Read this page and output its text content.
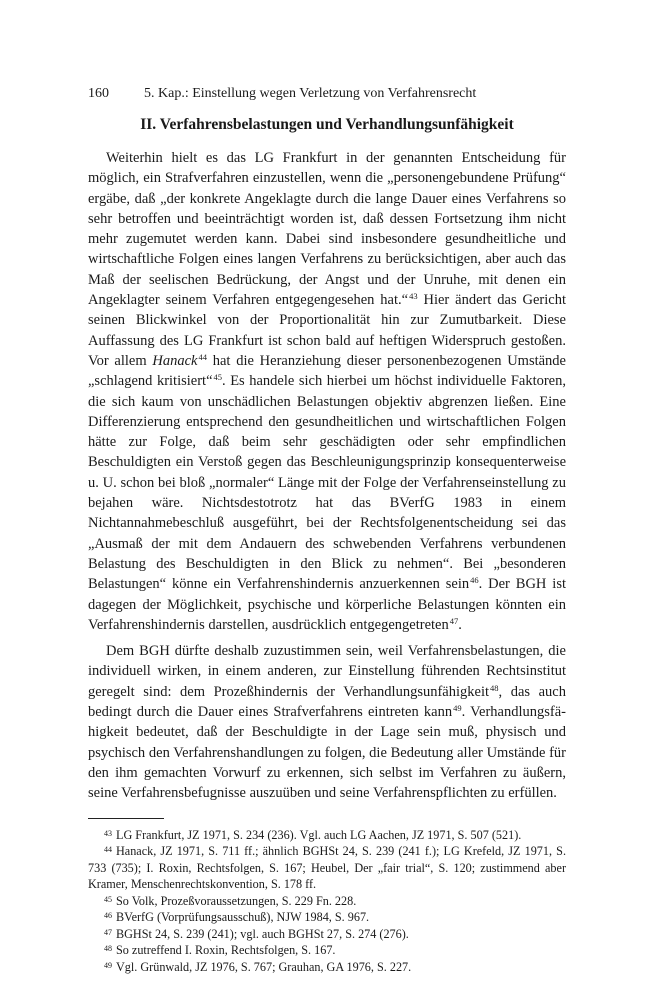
160	5. Kap.: Einstellung wegen Verletzung von Verfahrensrecht
II. Verfahrensbelastungen und Verhandlungsunfähigkeit

Weiterhin hielt es das LG Frankfurt in der genannten Entscheidung für möglich, ein Strafverfahren einzustellen, wenn die „personengebundene Prüfung“ ergäbe, daß „der konkrete Angeklagte durch die lange Dauer eines Verfahrens so sehr betroffen und beeinträchtigt worden ist, daß dessen Fortsetzung ihm nicht mehr zugemutet werden kann. Dabei sind insbesondere gesundheitliche und wirtschaftliche Folgen eines langen Verfahrens zu berücksichtigen, aber auch das Maß der seelischen Bedrückung, der Angst und der Unruhe, mit denen ein Angeklagter seinem Verfahren entgegengesehen hat.“$^{43}$ Hier ändert das Gericht seinen Blickwinkel von der Proportionalität hin zur Zumutbarkeit. Diese Auffassung des LG Frankfurt ist schon bald auf heftigen Widerspruch gestoßen. Vor allem Hanack$^{44}$ hat die Heranziehung dieser personenbezogenen Umstände „schlagend kritisiert“$^{45}$. Es handele sich hierbei um höchst individuelle Faktoren, die sich kaum von unschädlichen Belastungen objektiv abgrenzen ließen. Eine Differenzierung entsprechend den gesundheitlichen und wirtschaftlichen Folgen hätte zur Folge, daß beim sehr geschädigten oder sehr empfindlichen Beschuldigten ein Verstoß gegen das Beschleunigungsprinzip konsequenterweise u. U. schon bei bloß „normaler“ Länge mit der Folge der Verfahrenseinstellung zu bejahen wäre. Nichtsdestotrotz hat das BVerfG 1983 in einem Nichtannahmebeschluß ausgeführt, bei der Rechtsfolgenentscheidung sei das „Ausmaß der mit dem Andauern des schwebenden Verfahrens verbundenen Belastung des Beschuldigten in den Blick zu nehmen“. Bei „besonderen Belastungen“ könne ein Verfahrenshindernis anzuerkennen sein$^{46}$. Der BGH ist dagegen der Möglichkeit, psychische und körperliche Belastungen könnten ein Verfahrenshindernis darstellen, ausdrücklich entgegengetreten$^{47}$.

Dem BGH dürfte deshalb zuzustimmen sein, weil Verfahrensbelastungen, die individuell wirken, in einem anderen, zur Einstellung führenden Rechtsinstitut geregelt sind: dem Prozeßhindernis der Verhandlungsunfähigkeit$^{48}$, das auch bedingt durch die Dauer eines Strafverfahrens eintreten kann$^{49}$. Verhandlungsfähigkeit bedeutet, daß der Beschuldigte in der Lage sein muß, physisch und psychisch den Verfahrenshandlungen zu folgen, die Bedeutung aller Umstände für den ihm gemachten Vorwurf zu erkennen, sich selbst im Verfahren zu äußern, seine Verfahrensbefugnisse auszuüben und seine Verfahrenspflichten zu erfüllen.

$^{43}$ LG Frankfurt, JZ 1971, S. 234 (236). Vgl. auch LG Aachen, JZ 1971, S. 507 (521).

$^{44}$ Hanack, JZ 1971, S. 711 ff.; ähnlich BGHSt 24, S. 239 (241 f.); LG Krefeld, JZ 1971, S. 733 (735); I. Roxin, Rechtsfolgen, S. 167; Heubel, Der „fair trial“, S. 120; zustimmend aber Kramer, Menschenrechtskonvention, S. 178 ff.

$^{45}$ So Volk, Prozeßvoraussetzungen, S. 229 Fn. 228.

$^{46}$ BVerfG (Vorprüfungsausschuß), NJW 1984, S. 967.

$^{47}$ BGHSt 24, S. 239 (241); vgl. auch BGHSt 27, S. 274 (276).

$^{48}$ So zutreffend I. Roxin, Rechtsfolgen, S. 167.

$^{49}$ Vgl. Grünwald, JZ 1976, S. 767; Grauhan, GA 1976, S. 227.
